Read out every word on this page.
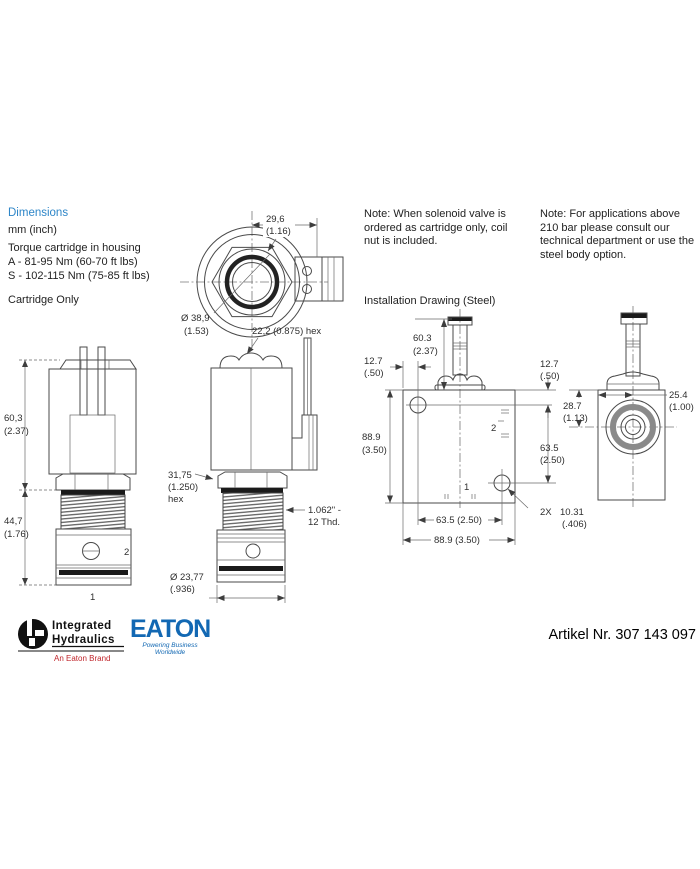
Dimensions
mm (inch)
Torque cartridge in housing
A - 81-95 Nm (60-70 ft lbs)
S - 102-115 Nm (75-85 ft lbs)
Cartridge Only
Note: When solenoid valve is
ordered as cartridge only, coil
nut is included.
Note: For applications above
210 bar please consult our
technical department or use the
steel body option.
Installation Drawing (Steel)
29,6
(1.16)
Ø 38,9
(1.53)
2
1
60,3
(2.37)
44,7
(1.76)
22,2 (0.875) hex
31,75
(1.250)
hex
1.062" -
12 Thd.
Ø 23,77
(.936)
2
1
60.3
(2.37)
12.7
(.50)
12.7
(.50)
88.9
(3.50)	63.5
(2.50)
63.5 (2.50)
88.9 (3.50)
2X 10.31
(.406)
25.4
(1.00)
28.7
(1.13)
Integrated
Hydraulics
An Eaton Brand
EATON
Powering Business Worldwide
Artikel Nr. 307 143 097
